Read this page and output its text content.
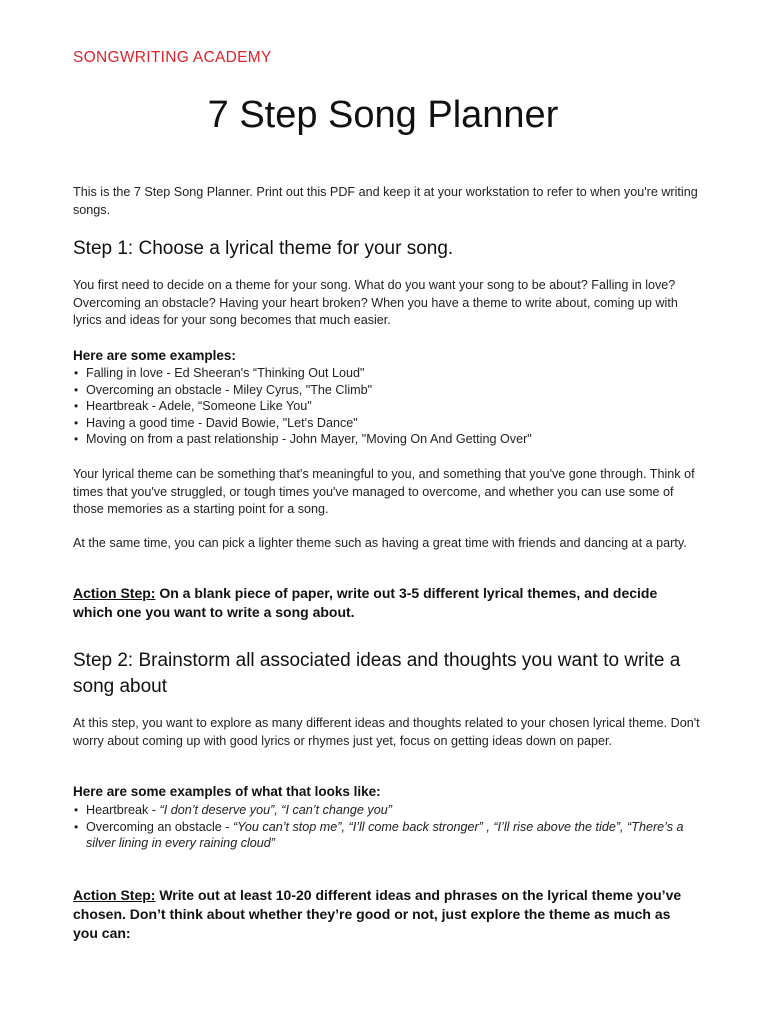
SONGWRITING ACADEMY
7 Step Song Planner

This is the 7 Step Song Planner. Print out this PDF and keep it at your workstation to refer to when you're writing songs.

Step 1: Choose a lyrical theme for your song.

You first need to decide on a theme for your song. What do you want your song to be about? Falling in love? Overcoming an obstacle? Having your heart broken? When you have a theme to write about, coming up with lyrics and ideas for your song becomes that much easier.

Here are some examples:
• Falling in love - Ed Sheeran's “Thinking Out Loud"
• Overcoming an obstacle - Miley Cyrus, "The Climb"
• Heartbreak - Adele, “Someone Like You"
• Having a good time - David Bowie, "Let's Dance"
• Moving on from a past relationship - John Mayer, "Moving On And Getting Over"

Your lyrical theme can be something that's meaningful to you, and something that you've gone through. Think of times that you've struggled, or tough times you've managed to overcome, and whether you can use some of those memories as a starting point for a song.

At the same time, you can pick a lighter theme such as having a great time with friends and dancing at a party.

Action Step: On a blank piece of paper, write out 3-5 different lyrical themes, and decide which one you want to write a song about.

Step 2: Brainstorm all associated ideas and thoughts you want to write a song about

At this step, you want to explore as many different ideas and thoughts related to your chosen lyrical theme. Don't worry about coming up with good lyrics or rhymes just yet, focus on getting ideas down on paper.

Here are some examples of what that looks like:
• Heartbreak - “I don’t deserve you”, “I can’t change you”
• Overcoming an obstacle - “You can’t stop me”, “I’ll come back stronger” , “I’ll rise above the tide”, “There’s a silver lining in every raining cloud”

Action Step: Write out at least 10-20 different ideas and phrases on the lyrical theme you’ve chosen. Don’t think about whether they’re good or not, just explore the theme as much as you can:
